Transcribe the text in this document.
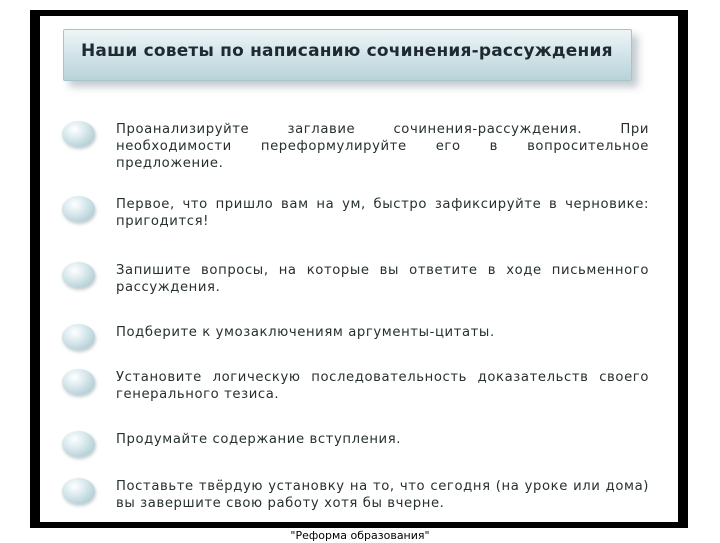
Наши советы по написанию сочинения-рассуждения
Проанализируйте заглавие сочинения-рассуждения. При необходимости переформулируйте его в вопросительное предложение.
Первое, что пришло вам на ум, быстро зафиксируйте в черновике: пригодится!
Запишите вопросы, на которые вы ответите в ходе письменного рассуждения.
Подберите к умозаключениям аргументы-цитаты.
Установите логическую последовательность доказательств своего генерального тезиса.
Продумайте содержание вступления.
Поставьте твёрдую установку на то, что сегодня (на уроке или дома) вы завершите свою работу хотя бы вчерне.
"Реформа образования"
